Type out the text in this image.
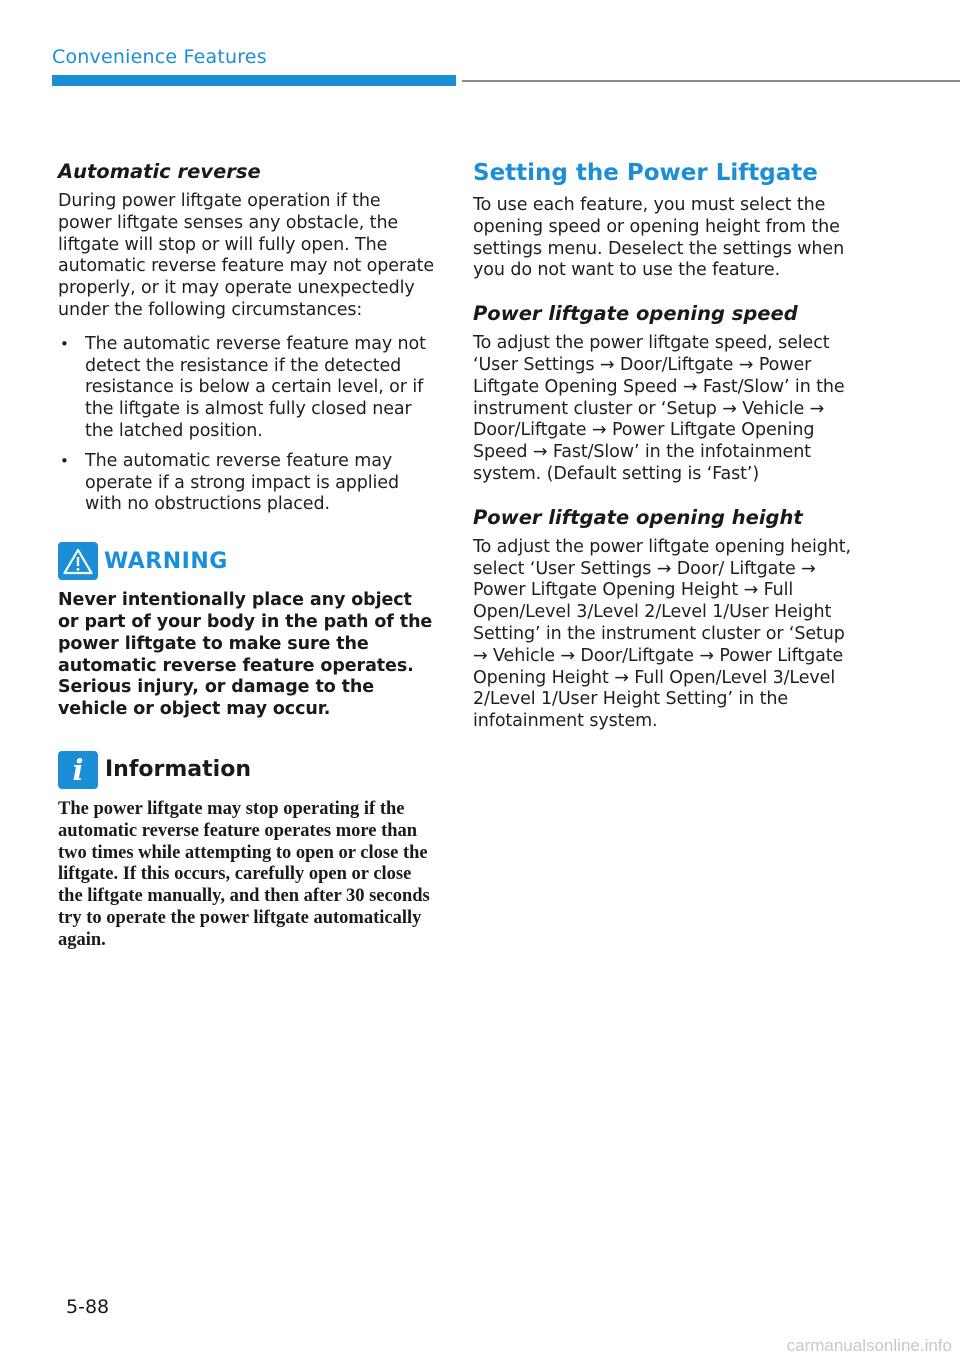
Convenience Features
Automatic reverse

During power liftgate operation if the power liftgate senses any obstacle, the liftgate will stop or will fully open. The automatic reverse feature may not operate properly, or it may operate unexpectedly under the following circumstances:

• The automatic reverse feature may not detect the resistance if the detected resistance is below a certain level, or if the liftgate is almost fully closed near the latched position.
• The automatic reverse feature may operate if a strong impact is applied with no obstructions placed.
WARNING

Never intentionally place any object or part of your body in the path of the power liftgate to make sure the automatic reverse feature operates. Serious injury, or damage to the vehicle or object may occur.

i Information

The power liftgate may stop operating if the automatic reverse feature operates more than two times while attempting to open or close the liftgate. If this occurs, carefully open or close the liftgate manually, and then after 30 seconds try to operate the power liftgate automatically again.

Setting the Power Liftgate

To use each feature, you must select the opening speed or opening height from the settings menu. Deselect the settings when you do not want to use the feature.

Power liftgate opening speed

To adjust the power liftgate speed, select ‘User Settings → Door/Liftgate → Power Liftgate Opening Speed → Fast/Slow’ in the instrument cluster or ‘Setup → Vehicle → Door/Liftgate → Power Liftgate Opening Speed → Fast/Slow’ in the infotainment system. (Default setting is ‘Fast’)

Power liftgate opening height

To adjust the power liftgate opening height, select ‘User Settings → Door/ Liftgate → Power Liftgate Opening Height → Full Open/Level 3/Level 2/Level 1/User Height Setting’ in the instrument cluster or ‘Setup → Vehicle → Door/Liftgate → Power Liftgate Opening Height → Full Open/Level 3/Level 2/Level 1/User Height Setting’ in the infotainment system.

5-88
carmanualsonline.info
